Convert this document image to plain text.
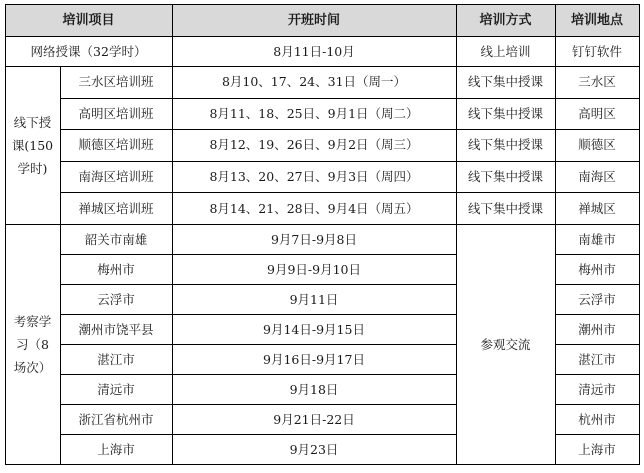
培训项目	开班时间	培训方式	培训地点
网络授课（32学时）	8月11日-10月	线上培训	钉钉软件
线下授课(150学时)
三水区培训班	8月10、17、24、31日（周一）	线下集中授课	三水区
高明区培训班	8月11、18、25日、9月1日（周二）	线下集中授课	高明区
顺德区培训班	8月12、19、26日、9月2日（周三）	线下集中授课	顺德区
南海区培训班	8月13、20、27日、9月3日（周四）	线下集中授课	南海区
禅城区培训班	8月14、21、28日、9月4日（周五）	线下集中授课	禅城区
考察学习（8场次）
参观交流
韶关市南雄	9月7日-9月8日	南雄市
梅州市	9月9日-9月10日	梅州市
云浮市	9月11日	云浮市
潮州市饶平县	9月14日-9月15日	潮州市
湛江市	9月16日-9月17日	湛江市
清远市	9月18日	清远市
浙江省杭州市	9月21日-22日	杭州市
上海市	9月23日	上海市
